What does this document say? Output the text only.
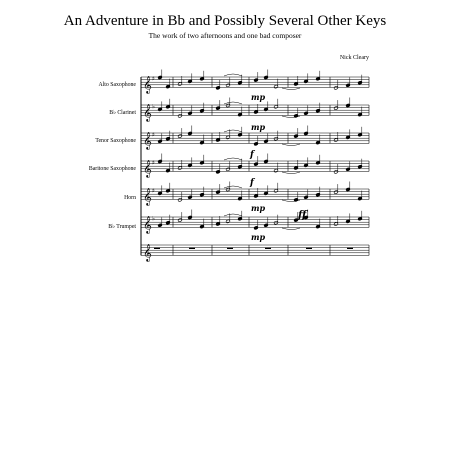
An Adventure in Bb and Possibly Several Other Keys
The work of two afternoons and one bad composer
Nick Cleary
Alto Saxophone
B♭ Clarinet
Tenor Saxophone
Baritone Saxophone
Horn
B♭ Trumpet
𝄞 ♯
𝄞 ♭
𝄞 ♯
𝄞 ♯
𝄞 ♯
𝄞 ♭
𝄞
mp
mp
f
f
mp
ff
mp
